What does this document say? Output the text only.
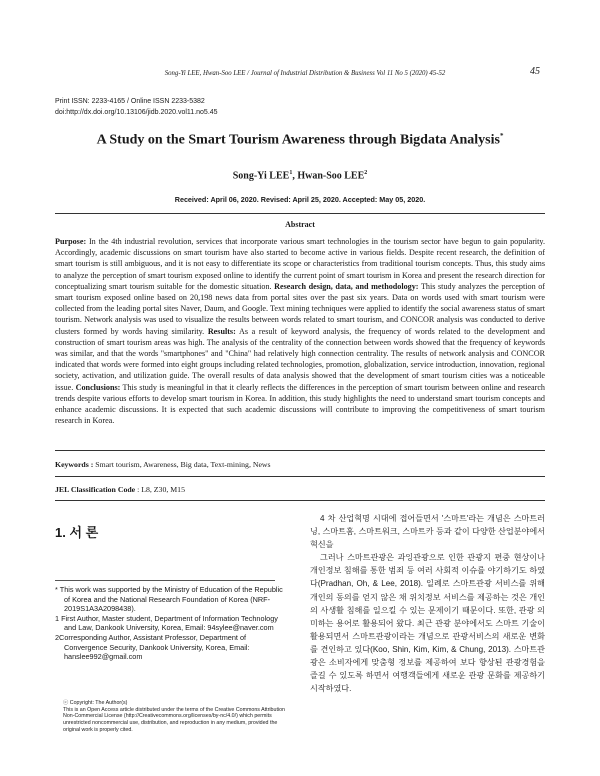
Song-Yi LEE, Hwan-Soo LEE / Journal of Industrial Distribution & Business Vol 11 No 5 (2020) 45-52	45
Print ISSN: 2233-4165 / Online ISSN 2233-5382
doi:http://dx.doi.org/10.13106/jidb.2020.vol11.no5.45
A Study on the Smart Tourism Awareness through Bigdata Analysis*
Song-Yi LEE$^1$, Hwan-Soo LEE$^2$
Received: April 06, 2020. Revised: April 25, 2020. Accepted: May 05, 2020.
Abstract
Purpose: In the 4th industrial revolution, services that incorporate various smart technologies in the tourism sector have begun to gain popularity. Accordingly, academic discussions on smart tourism have also started to become active in various fields. Despite recent research, the definition of smart tourism is still ambiguous, and it is not easy to differentiate its scope or characteristics from traditional tourism concepts. Thus, this study aims to analyze the perception of smart tourism exposed online to identify the current point of smart tourism in Korea and present the research direction for conceptualizing smart tourism suitable for the domestic situation. Research design, data, and methodology: This study analyzes the perception of smart tourism exposed online based on 20,198 news data from portal sites over the past six years. Data on words used with smart tourism were collected from the leading portal sites Naver, Daum, and Google. Text mining techniques were applied to identify the social awareness status of smart tourism. Network analysis was used to visualize the results between words related to smart tourism, and CONCOR analysis was conducted to derive clusters formed by words having similarity. Results: As a result of keyword analysis, the frequency of words related to the development and construction of smart tourism areas was high. The analysis of the centrality of the connection between words showed that the frequency of keywords was similar, and that the words "smartphones" and "China" had relatively high connection centrality. The results of network analysis and CONCOR indicated that words were formed into eight groups including related technologies, promotion, globalization, service introduction, innovation, regional society, activation, and utilization guide. The overall results of data analysis showed that the development of smart tourism cities was a noticeable issue. Conclusions: This study is meaningful in that it clearly reflects the differences in the perception of smart tourism between online and research trends despite various efforts to develop smart tourism in Korea. In addition, this study highlights the need to understand smart tourism concepts and enhance academic discussions. It is expected that such academic discussions will contribute to improving the competitiveness of smart tourism research in Korea.
Keywords : Smart tourism, Awareness, Big data, Text-mining, News
JEL Classification Code : L8, Z30, M15
1. 서 론

* This work was supported by the Ministry of Education of the Republic of Korea and the National Research Foundation of Korea (NRF-2019S1A3A2098438).

1 First Author, Master student, Department of Information Technology and Law, Dankook University, Korea, Email: 94sylee@naver.com

2Corresponding Author, Assistant Professor, Department of Convergence Security, Dankook University, Korea, Email: hanslee992@gmail.com

ⓒ Copyright: The Author(s)

This is an Open Access article distributed under the terms of the Creative Commons Attribution Non-Commercial License (http://Creativecommons.org/licenses/by-nc/4.0/) which permits unrestricted noncommercial use, distribution, and reproduction in any medium, provided the original work is properly cited.

4 차 산업혁명 시대에 접어들면서 '스마트'라는 개념은 스마트러닝, 스마트홈, 스마트워크, 스마트카 등과 같이 다양한 산업분야에서 혁신을

그러나 스마트관광은 과잉관광으로 인한 관광지 편중 현상이나 개인정보 침해를 통한 범죄 등 여러 사회적 이슈를 야기하기도 하였다(Pradhan, Oh, & Lee, 2018). 일례로 스마트관광 서비스를 위해 개인의 동의를 얻지 않은 채 위치정보 서비스를 제공하는 것은 개인의 사생활 침해를 일으킬 수 있는 문제이기 때문이다. 또한, 관광 의미하는 용어로 활용되어 왔다. 최근 관광 분야에서도 스마트 기술이 활용되면서 스마트관광이라는 개념으로 관광서비스의 새로운 변화를 견인하고 있다(Koo, Shin, Kim, Kim, & Chung, 2013). 스마트관광은 소비자에게 맞춤형 정보를 제공하여 보다 향상된 관광경험을 즐길 수 있도록 하면서 여행객들에게 새로운 관광 문화를 제공하기 시작하였다.
